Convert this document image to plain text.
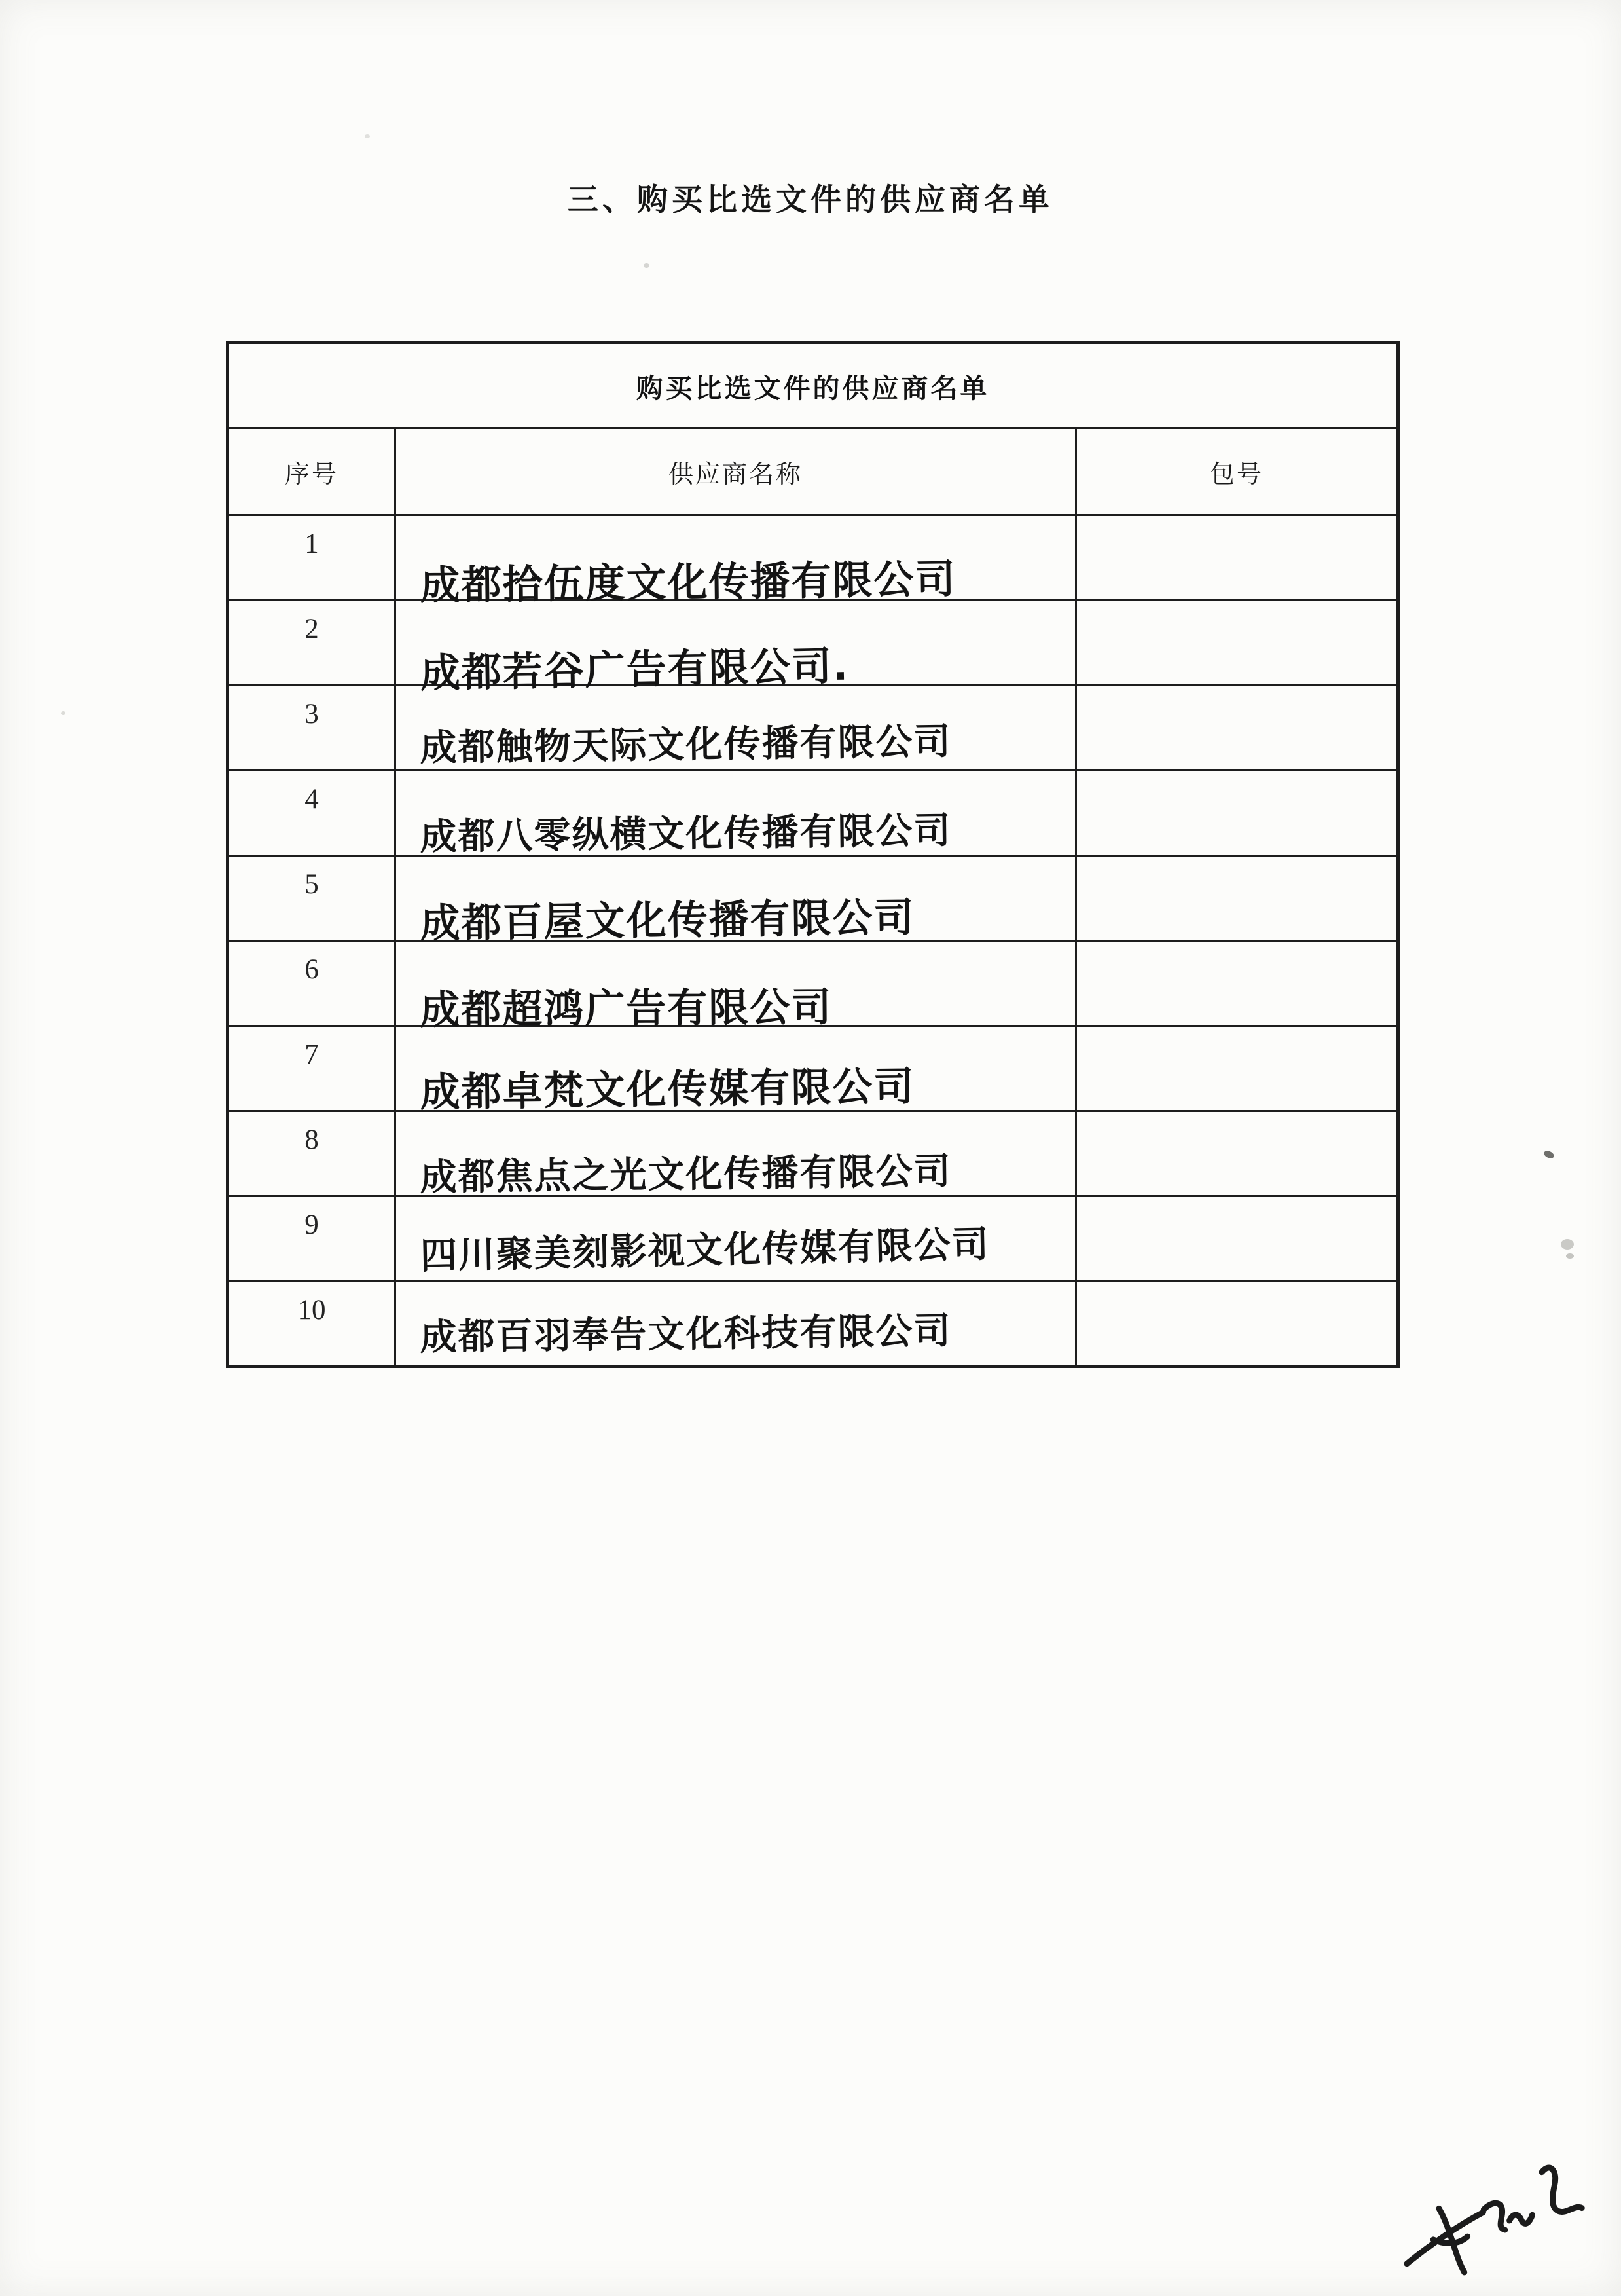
三、购买比选文件的供应商名单
购买比选文件的供应商名单		
序号	供应商名称	包号
1	成都拾伍度文化传播有限公司	

2	成都若谷广告有限公司.	

3	成都触物天际文化传播有限公司	

4	成都八零纵横文化传播有限公司	

5	成都百屋文化传播有限公司	

6	成都超鸿广告有限公司	

7	成都卓梵文化传媒有限公司	

8	成都焦点之光文化传播有限公司	

9	四川聚美刻影视文化传媒有限公司	

10	成都百羽奉告文化科技有限公司	
